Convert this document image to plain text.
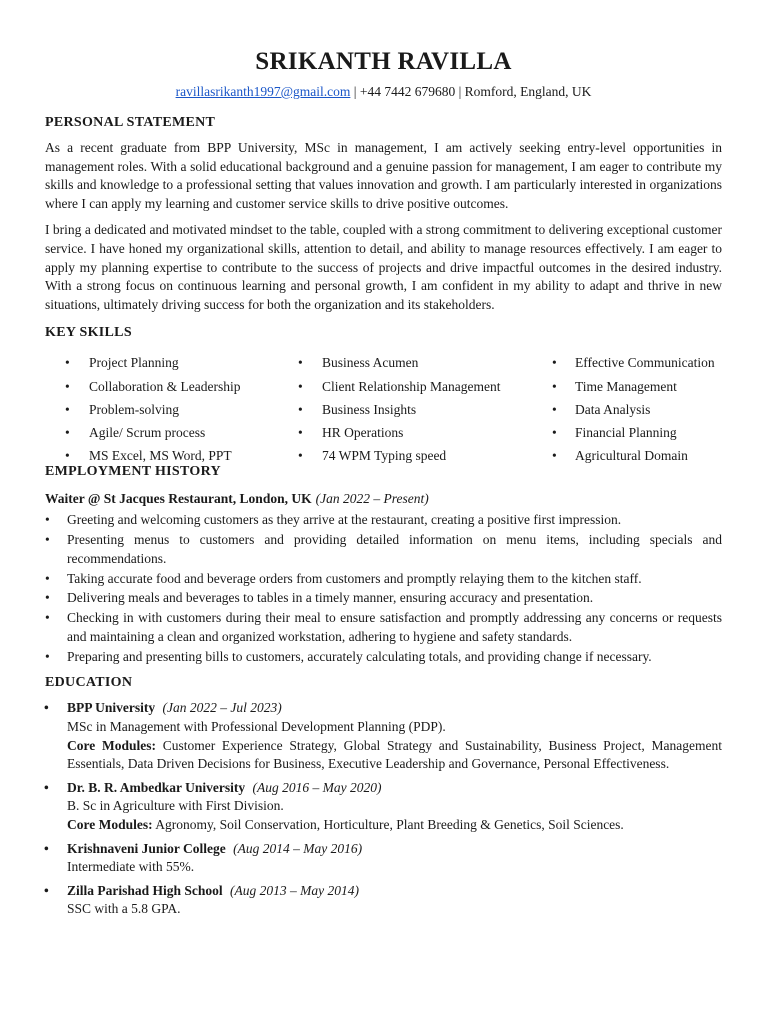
SRIKANTH RAVILLA
ravillasrikanth1997@gmail.com | +44 7442 679680 | Romford, England, UK
PERSONAL STATEMENT

As a recent graduate from BPP University, MSc in management, I am actively seeking entry-level opportunities in management roles. With a solid educational background and a genuine passion for management, I am eager to contribute my skills and knowledge to a professional setting that values innovation and growth. I am particularly interested in organizations where I can apply my learning and customer service skills to drive positive outcomes.

I bring a dedicated and motivated mindset to the table, coupled with a strong commitment to delivering exceptional customer service. I have honed my organizational skills, attention to detail, and ability to manage resources effectively. I am eager to apply my planning expertise to contribute to the success of projects and drive impactful outcomes in the desired industry. With a strong focus on continuous learning and personal growth, I am confident in my ability to adapt and thrive in new situations, ultimately driving success for both the organization and its stakeholders.

KEY SKILLS
• Project Planning
• Collaboration & Leadership
• Problem-solving
• Agile/ Scrum process
• MS Excel, MS Word, PPT
• Business Acumen
• Client Relationship Management
• Business Insights
• HR Operations
• 74 WPM Typing speed
• Effective Communication
• Time Management
• Data Analysis
• Financial Planning
• Agricultural Domain
EMPLOYMENT HISTORY
Waiter @ St Jacques Restaurant, London, UK (Jan 2022 – Present)
• Greeting and welcoming customers as they arrive at the restaurant, creating a positive first impression.
• Presenting menus to customers and providing detailed information on menu items, including specials and recommendations.
• Taking accurate food and beverage orders from customers and promptly relaying them to the kitchen staff.
• Delivering meals and beverages to tables in a timely manner, ensuring accuracy and presentation.
• Checking in with customers during their meal to ensure satisfaction and promptly addressing any concerns or requests and maintaining a clean and organized workstation, adhering to hygiene and safety standards.
• Preparing and presenting bills to customers, accurately calculating totals, and providing change if necessary.
EDUCATION
• BPP University (Jan 2022 – Jul 2023)
MSc in Management with Professional Development Planning (PDP).
Core Modules: Customer Experience Strategy, Global Strategy and Sustainability, Business Project, Management Essentials, Data Driven Decisions for Business, Executive Leadership and Governance, Personal Effectiveness.
• Dr. B. R. Ambedkar University (Aug 2016 – May 2020)
B. Sc in Agriculture with First Division.
Core Modules: Agronomy, Soil Conservation, Horticulture, Plant Breeding & Genetics, Soil Sciences.
• Krishnaveni Junior College (Aug 2014 – May 2016)
Intermediate with 55%.
• Zilla Parishad High School (Aug 2013 – May 2014)
SSC with a 5.8 GPA.
